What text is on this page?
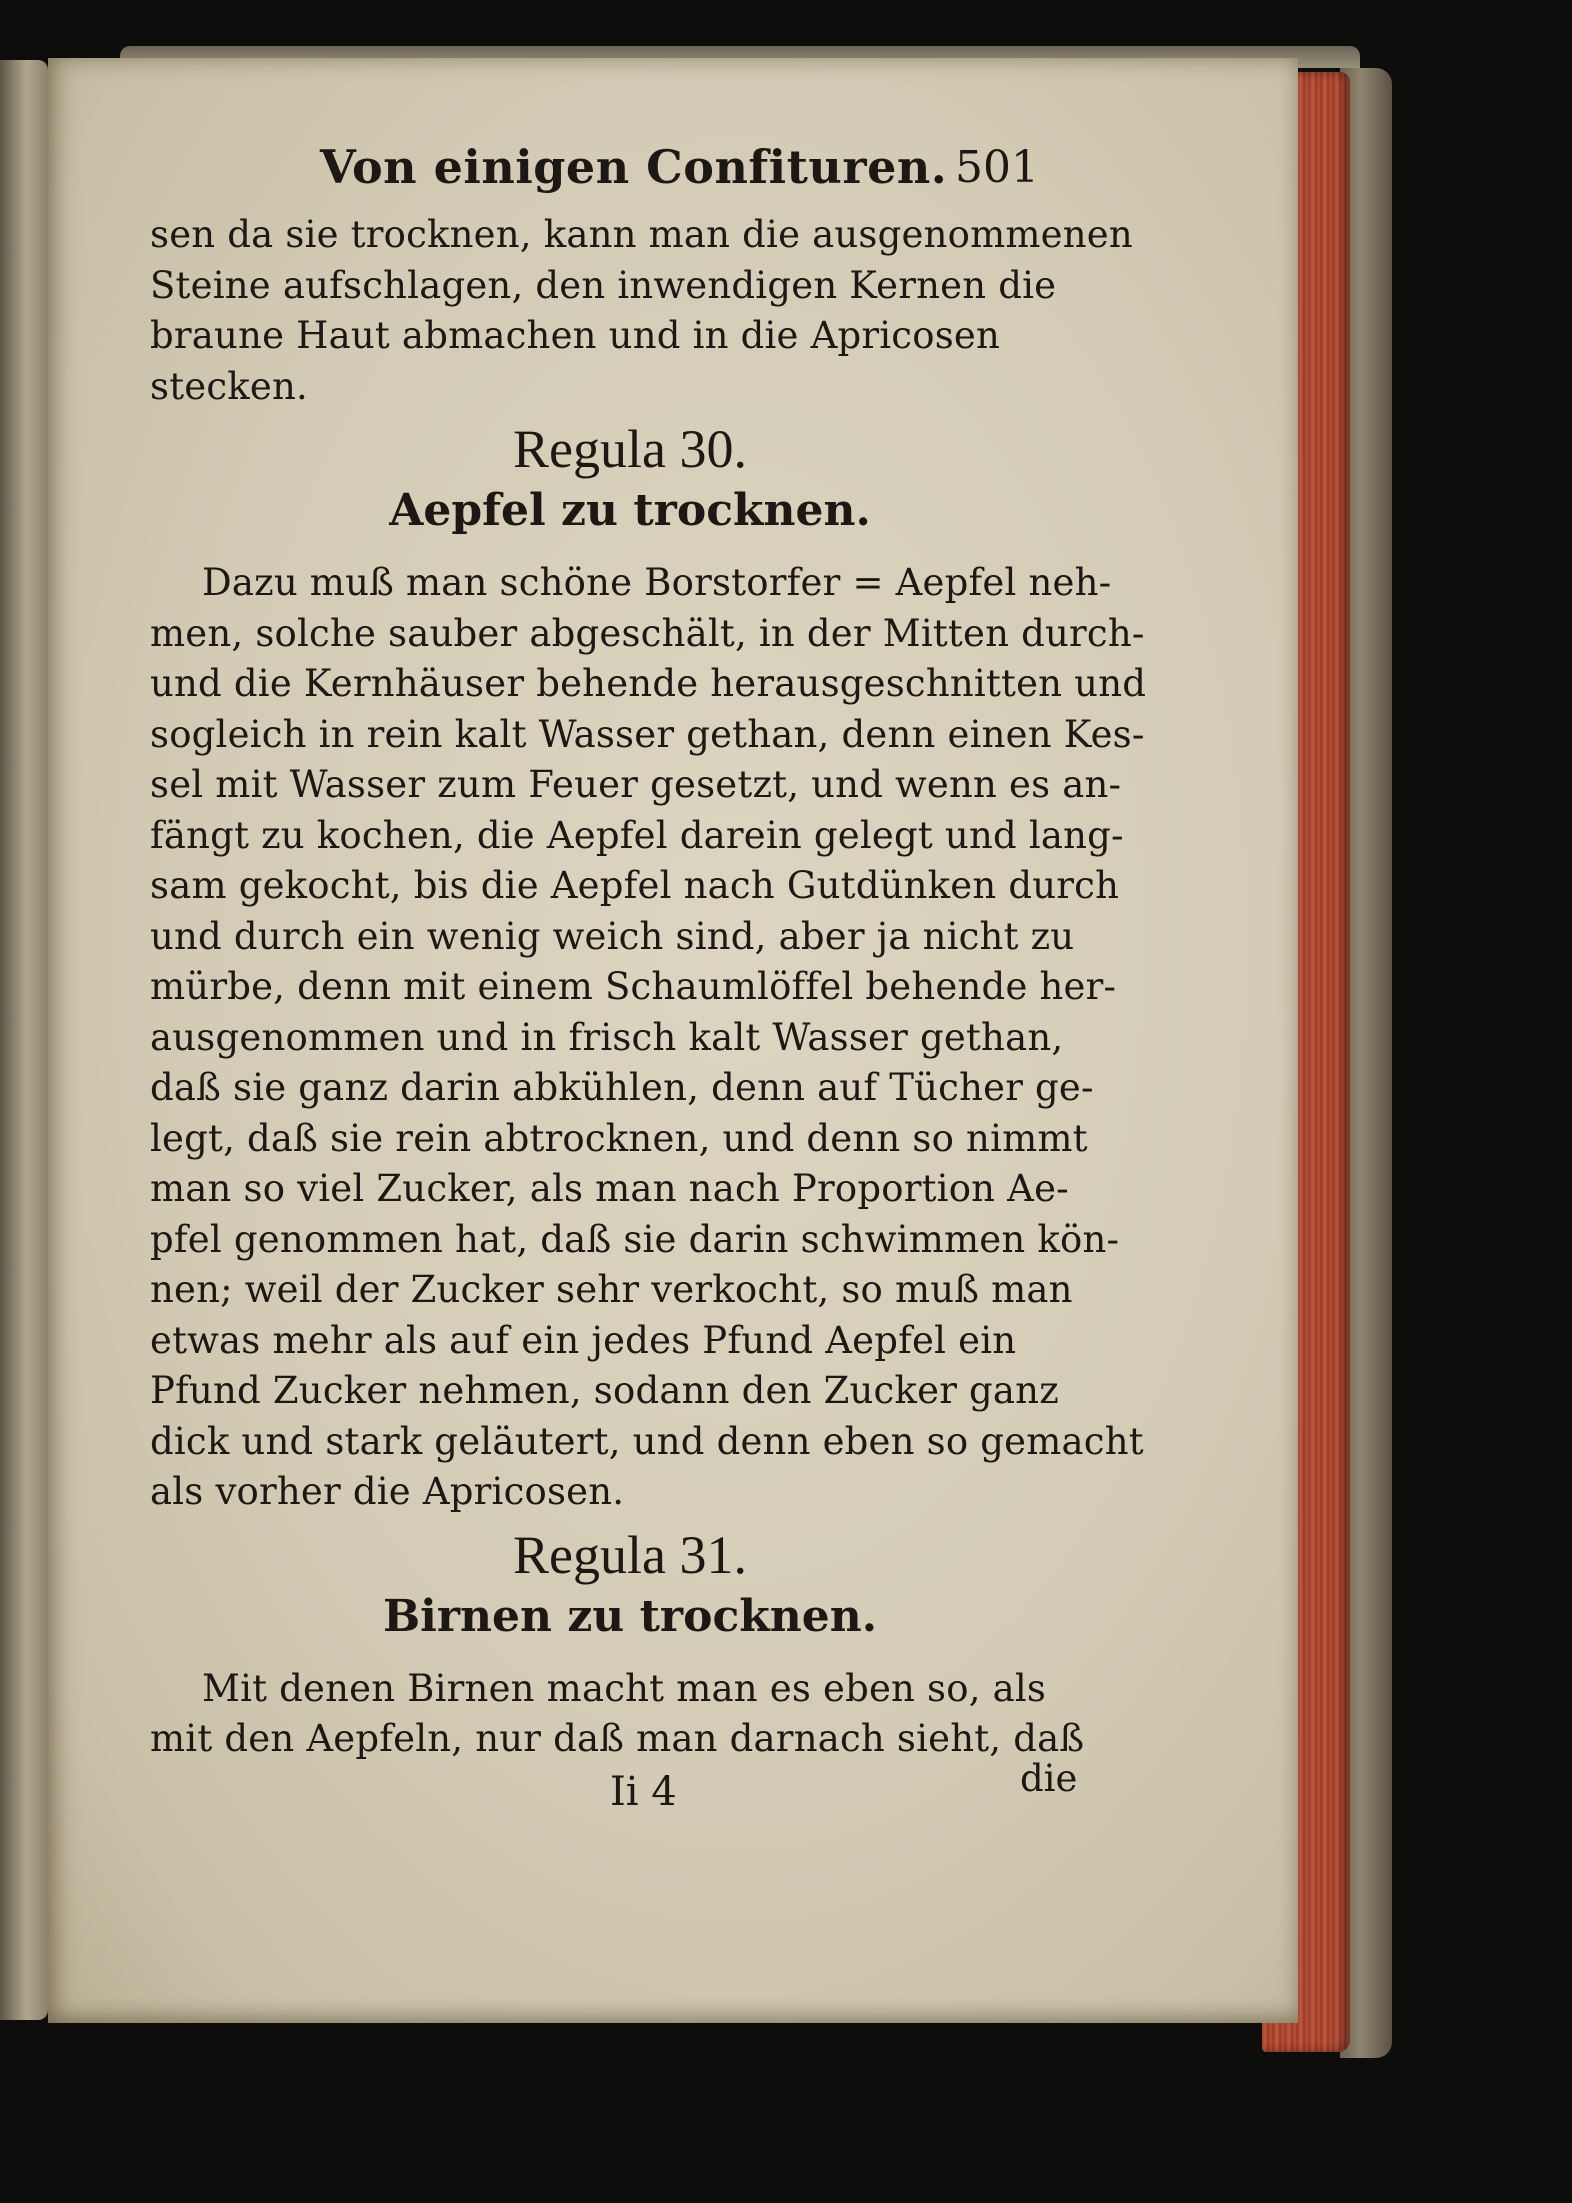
Von einigen Confituren. 501
sen da sie trocknen, kann man die ausgenommenen
Steine aufschlagen, den inwendigen Kernen die
braune Haut abmachen und in die Apricosen
stecken.
Regula 30.
Aepfel zu trocknen.
Dazu muß man schöne Borstorfer = Aepfel neh-
men, solche sauber abgeschält, in der Mitten durch-
und die Kernhäuser behende herausgeschnitten und
sogleich in rein kalt Wasser gethan, denn einen Kes-
sel mit Wasser zum Feuer gesetzt, und wenn es an-
fängt zu kochen, die Aepfel darein gelegt und lang-
sam gekocht, bis die Aepfel nach Gutdünken durch
und durch ein wenig weich sind, aber ja nicht zu
mürbe, denn mit einem Schaumlöffel behende her-
ausgenommen und in frisch kalt Wasser gethan,
daß sie ganz darin abkühlen, denn auf Tücher ge-
legt, daß sie rein abtrocknen, und denn so nimmt
man so viel Zucker, als man nach Proportion Ae-
pfel genommen hat, daß sie darin schwimmen kön-
nen; weil der Zucker sehr verkocht, so muß man
etwas mehr als auf ein jedes Pfund Aepfel ein
Pfund Zucker nehmen, sodann den Zucker ganz
dick und stark geläutert, und denn eben so gemacht
als vorher die Apricosen.
Regula 31.
Birnen zu trocknen.
Mit denen Birnen macht man es eben so, als
mit den Aepfeln, nur daß man darnach sieht, daß
Ii 4	die
